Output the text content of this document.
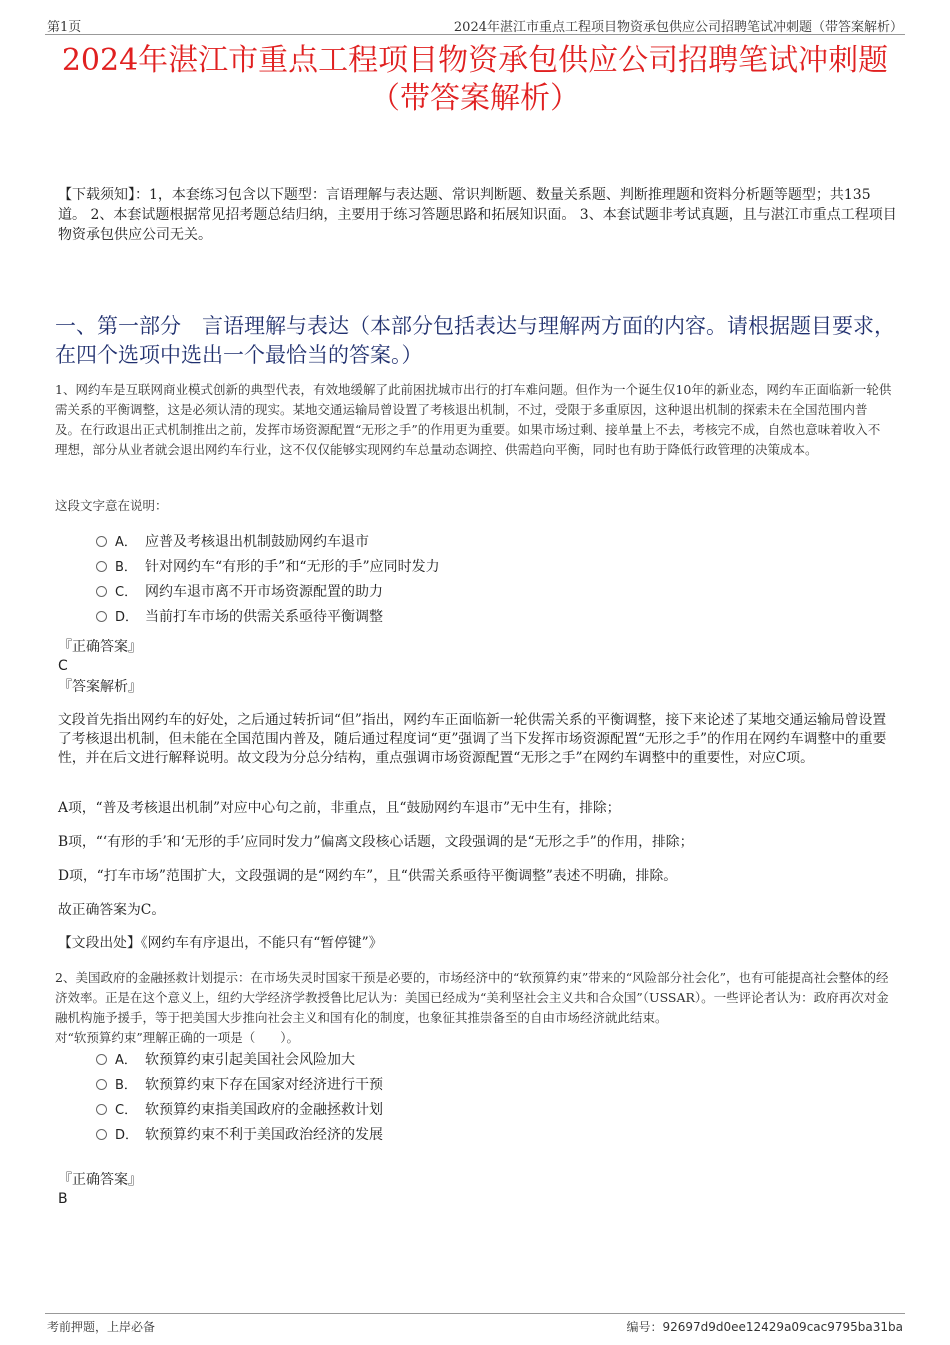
第1页	2024年湛江市重点工程项目物资承包供应公司招聘笔试冲刺题（带答案解析）
2024年湛江市重点工程项目物资承包供应公司招聘笔试冲刺题
（带答案解析）
【下载须知】：1，本套练习包含以下题型：言语理解与表达题、常识判断题、数量关系题、判断推理题和资料分析题等题型；共135道。 2、本套试题根据常见招考题总结归纳，主要用于练习答题思路和拓展知识面。 3、本套试题非考试真题，且与湛江市重点工程项目物资承包供应公司无关。
一、第一部分　言语理解与表达（本部分包括表达与理解两方面的内容。请根据题目要求，在四个选项中选出一个最恰当的答案。）
1、网约车是互联网商业模式创新的典型代表，有效地缓解了此前困扰城市出行的打车难问题。但作为一个诞生仅10年的新业态，网约车正面临新一轮供需关系的平衡调整，这是必须认清的现实。某地交通运输局曾设置了考核退出机制，不过，受限于多重原因，这种退出机制的探索未在全国范围内普及。在行政退出正式机制推出之前，发挥市场资源配置“无形之手”的作用更为重要。如果市场过剩、接单量上不去，考核完不成，自然也意味着收入不理想，部分从业者就会退出网约车行业，这不仅仅能够实现网约车总量动态调控、供需趋向平衡，同时也有助于降低行政管理的决策成本。
这段文字意在说明：
A． 应普及考核退出机制鼓励网约车退市
B． 针对网约车“有形的手”和“无形的手”应同时发力
C． 网约车退市离不开市场资源配置的助力
D． 当前打车市场的供需关系亟待平衡调整
『正确答案』
C
『答案解析』
文段首先指出网约车的好处，之后通过转折词“但”指出，网约车正面临新一轮供需关系的平衡调整，接下来论述了某地交通运输局曾设置了考核退出机制，但未能在全国范围内普及，随后通过程度词“更”强调了当下发挥市场资源配置“无形之手”的作用在网约车调整中的重要性，并在后文进行解释说明。故文段为分总分结构，重点强调市场资源配置“无形之手”在网约车调整中的重要性，对应C项。
A项，“普及考核退出机制”对应中心句之前，非重点，且“鼓励网约车退市”无中生有，排除；
B项，“‘有形的手’和‘无形的手’应同时发力”偏离文段核心话题，文段强调的是“无形之手”的作用，排除；
D项，“打车市场”范围扩大，文段强调的是“网约车”，且“供需关系亟待平衡调整”表述不明确，排除。
故正确答案为C。
【文段出处】《网约车有序退出，不能只有“暂停键”》
2、美国政府的金融拯救计划提示：在市场失灵时国家干预是必要的，市场经济中的“软预算约束”带来的“风险部分社会化”，也有可能提高社会整体的经济效率。正是在这个意义上，纽约大学经济学教授鲁比尼认为：美国已经成为“美利坚社会主义共和合众国”（USSAR）。一些评论者认为：政府再次对金融机构施予援手，等于把美国大步推向社会主义和国有化的制度，也象征其推崇备至的自由市场经济就此结束。
对“软预算约束”理解正确的一项是（　　）。
A． 软预算约束引起美国社会风险加大
B． 软预算约束下存在国家对经济进行干预
C． 软预算约束指美国政府的金融拯救计划
D． 软预算约束不利于美国政治经济的发展
『正确答案』
B
考前押题，上岸必备	编号：92697d9d0ee12429a09cac9795ba31ba
